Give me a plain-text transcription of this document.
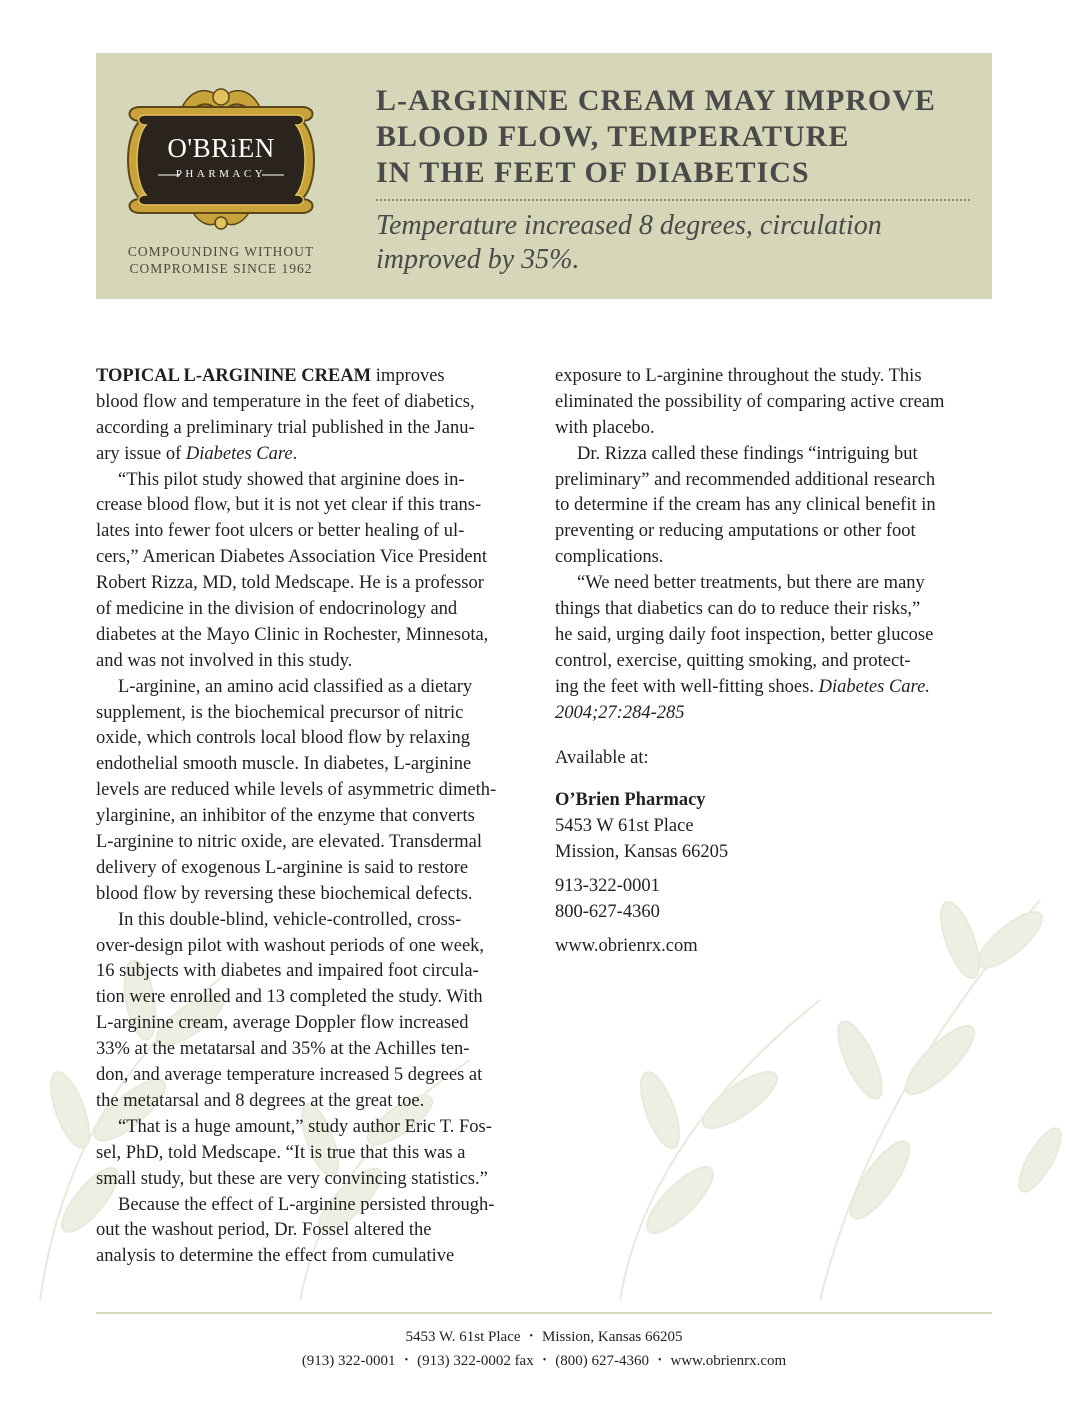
O'BRiEN
PHARMACY
COMPOUNDING WITHOUT
COMPROMISE SINCE 1962
L-ARGININE CREAM MAY IMPROVE
BLOOD FLOW, TEMPERATURE
IN THE FEET OF DIABETICS
Temperature increased 8 degrees, circulation
improved by 35%.
TOPICAL L-ARGININE CREAM improves
blood flow and temperature in the feet of diabetics,
according a preliminary trial published in the Janu-
ary issue of Diabetes Care.
“This pilot study showed that arginine does in-
crease blood flow, but it is not yet clear if this trans-
lates into fewer foot ulcers or better healing of ul-
cers,” American Diabetes Association Vice President
Robert Rizza, MD, told Medscape. He is a professor
of medicine in the division of endocrinology and
diabetes at the Mayo Clinic in Rochester, Minnesota,
and was not involved in this study.
L-arginine, an amino acid classified as a dietary
supplement, is the biochemical precursor of nitric
oxide, which controls local blood flow by relaxing
endothelial smooth muscle. In diabetes, L-arginine
levels are reduced while levels of asymmetric dimeth-
ylarginine, an inhibitor of the enzyme that converts
L-arginine to nitric oxide, are elevated. Transdermal
delivery of exogenous L-arginine is said to restore
blood flow by reversing these biochemical defects.
In this double-blind, vehicle-controlled, cross-
over-design pilot with washout periods of one week,
16 subjects with diabetes and impaired foot circula-
tion were enrolled and 13 completed the study. With
L-arginine cream, average Doppler flow increased
33% at the metatarsal and 35% at the Achilles ten-
don, and average temperature increased 5 degrees at
the metatarsal and 8 degrees at the great toe.
“That is a huge amount,” study author Eric T. Fos-
sel, PhD, told Medscape. “It is true that this was a
small study, but these are very convincing statistics.”
Because the effect of L-arginine persisted through-
out the washout period, Dr. Fossel altered the
analysis to determine the effect from cumulative
exposure to L-arginine throughout the study. This
eliminated the possibility of comparing active cream
with placebo.
Dr. Rizza called these findings “intriguing but
preliminary” and recommended additional research
to determine if the cream has any clinical benefit in
preventing or reducing amputations or other foot
complications.
“We need better treatments, but there are many
things that diabetics can do to reduce their risks,”
he said, urging daily foot inspection, better glucose
control, exercise, quitting smoking, and protect-
ing the feet with well-fitting shoes. Diabetes Care.
2004;27:284-285
Available at:
O’Brien Pharmacy
5453 W 61st Place
Mission, Kansas 66205
913-322-0001
800-627-4360
www.obrienrx.com
5453 W. 61st Place • Mission, Kansas 66205
(913) 322-0001 • (913) 322-0002 fax • (800) 627-4360 • www.obrienrx.com
